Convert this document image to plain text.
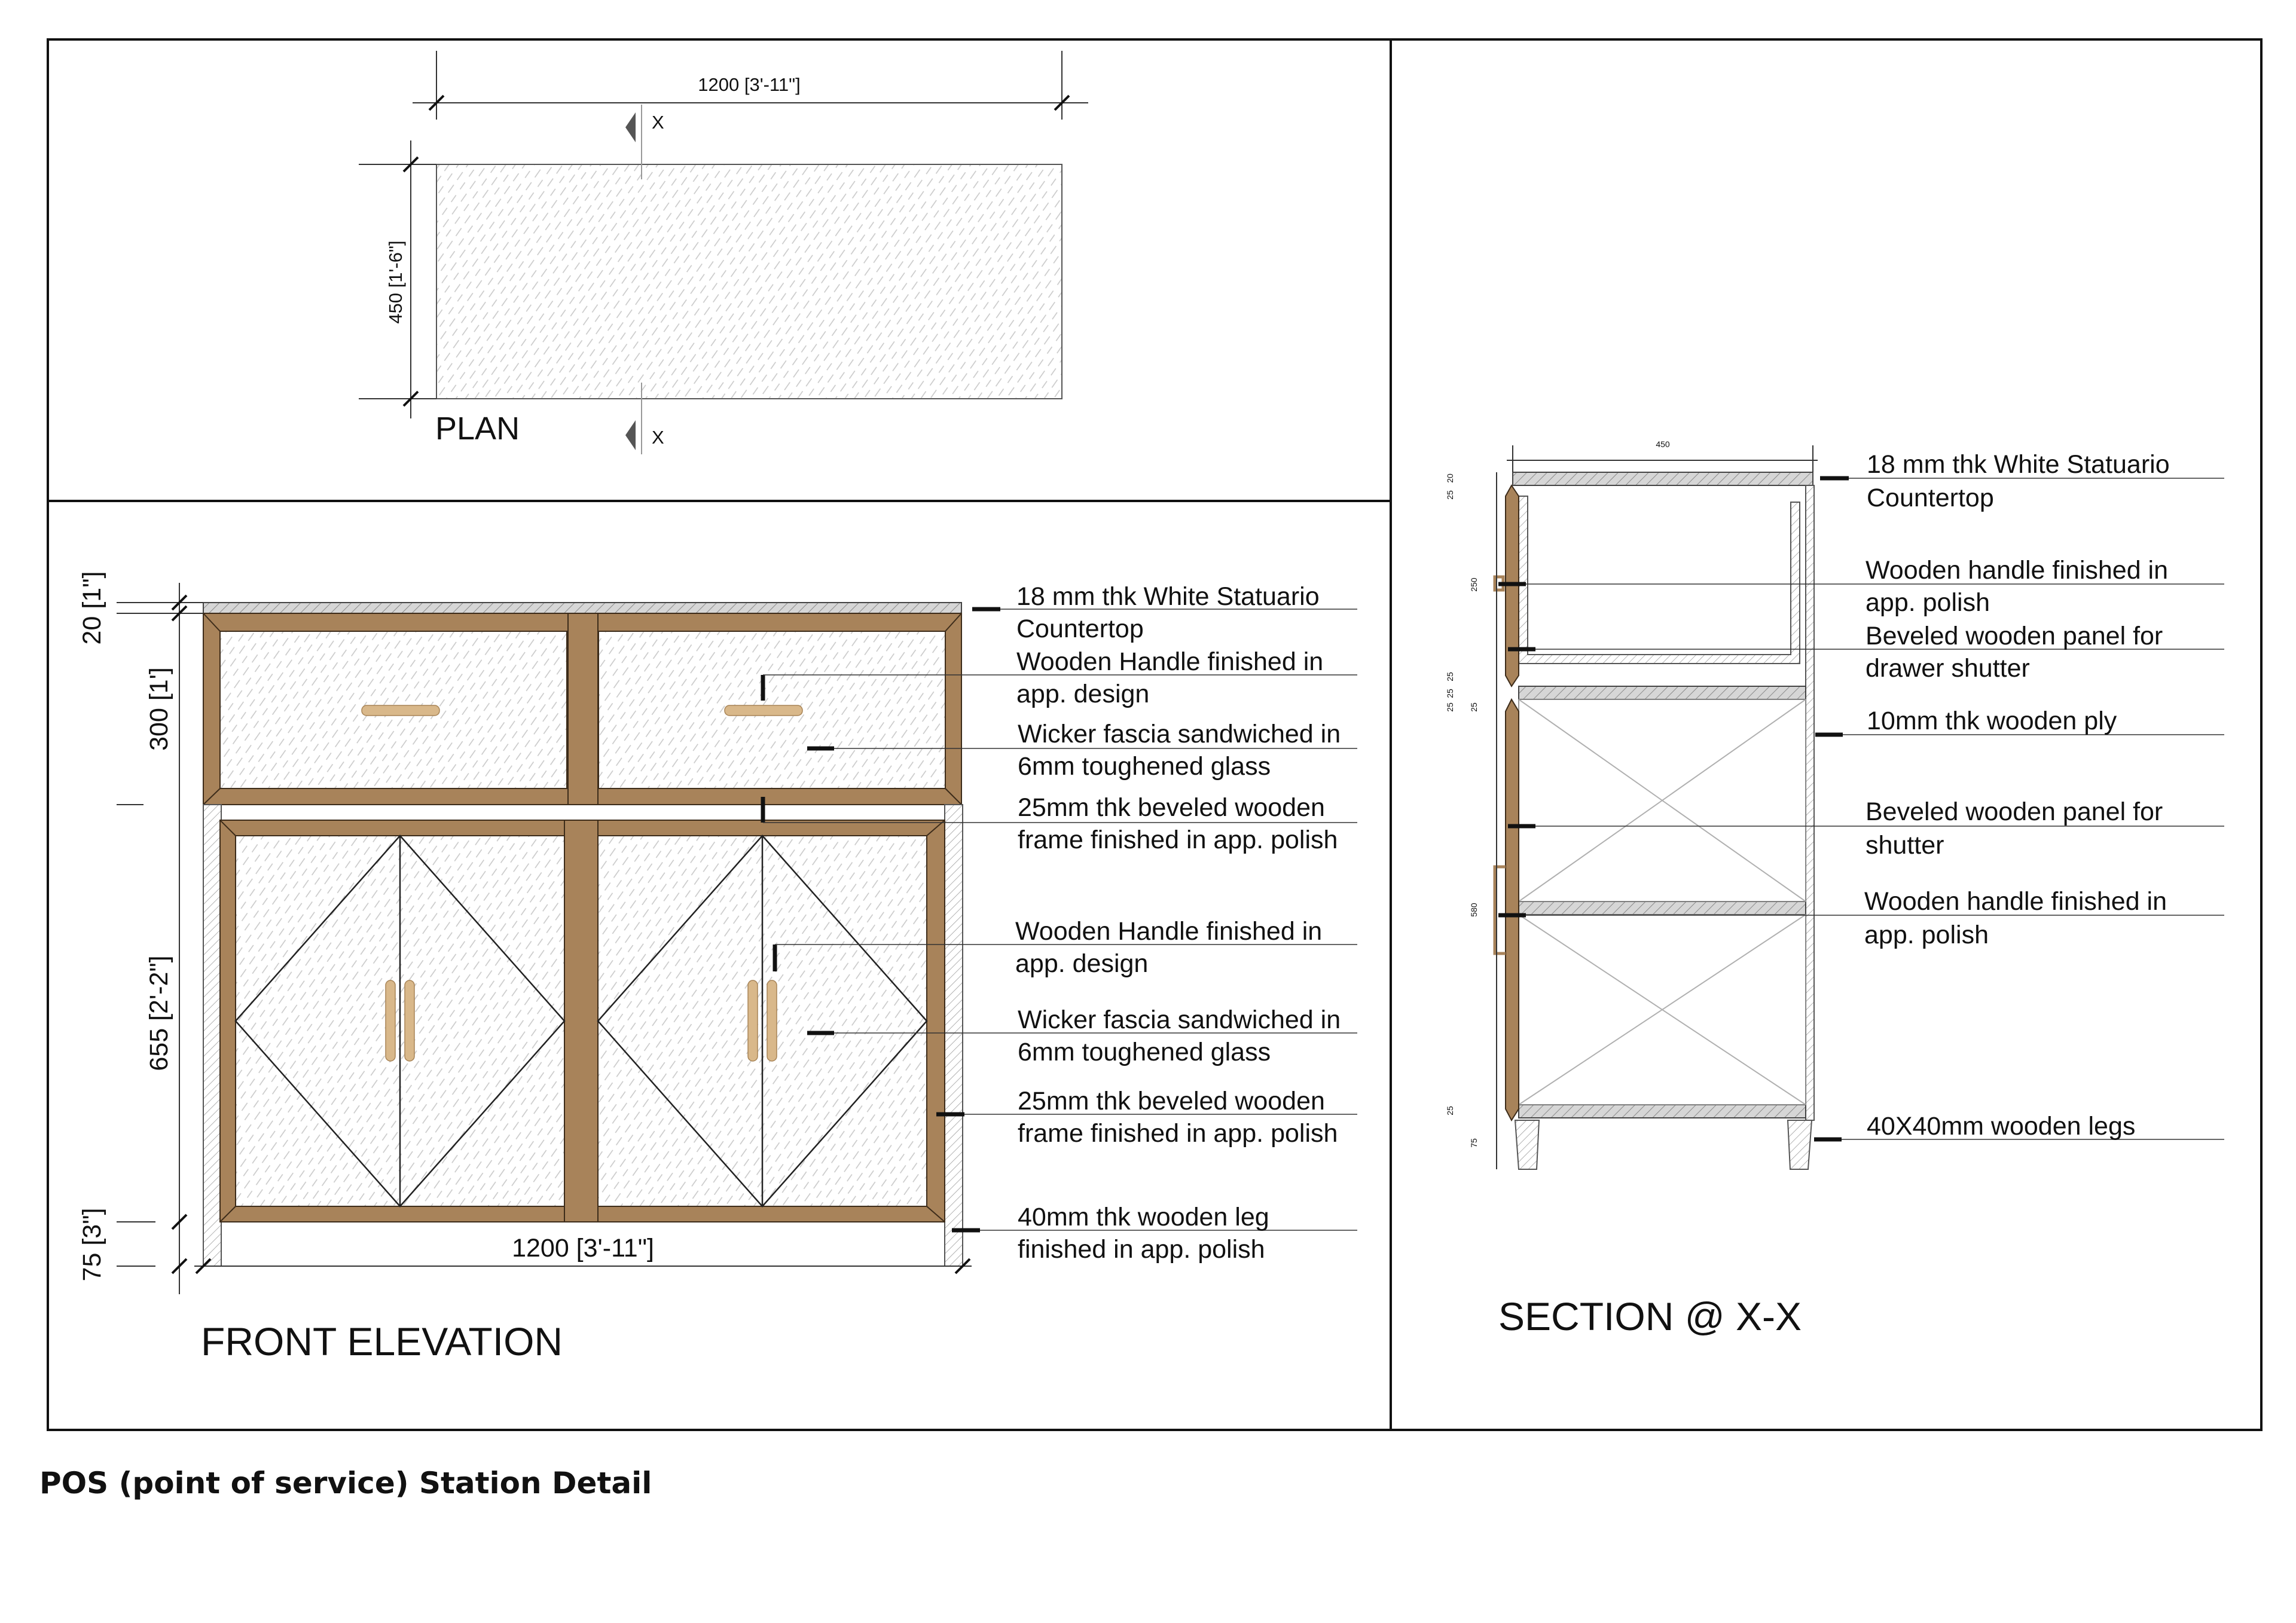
1200 [3'-11"]
450 [1'-6"]
X
X
PLAN
20 [1"]
300 [1']
655 [2'-2"]
75 [3"]	1200 [3'-11"]
18 mm thk White Statuario
Countertop
Wooden Handle finished in
app. design
Wicker fascia sandwiched in
6mm toughened glass
25mm thk beveled wooden
frame finished in app. polish
Wooden Handle finished in
app. design
Wicker fascia sandwiched in
6mm toughened glass
25mm thk beveled wooden
frame finished in app. polish
40mm thk wooden leg
finished in app. polish
FRONT ELEVATION
450
25
20
250
25
25
25 25
580
25
75
18 mm thk White Statuario
Countertop
Wooden handle finished in
app. polish
Beveled wooden panel for
drawer shutter
10mm thk wooden ply
Beveled wooden panel for
shutter
Wooden handle finished in
app. polish
40X40mm wooden legs
SECTION @ X-X
POS (point of service) Station Detail
